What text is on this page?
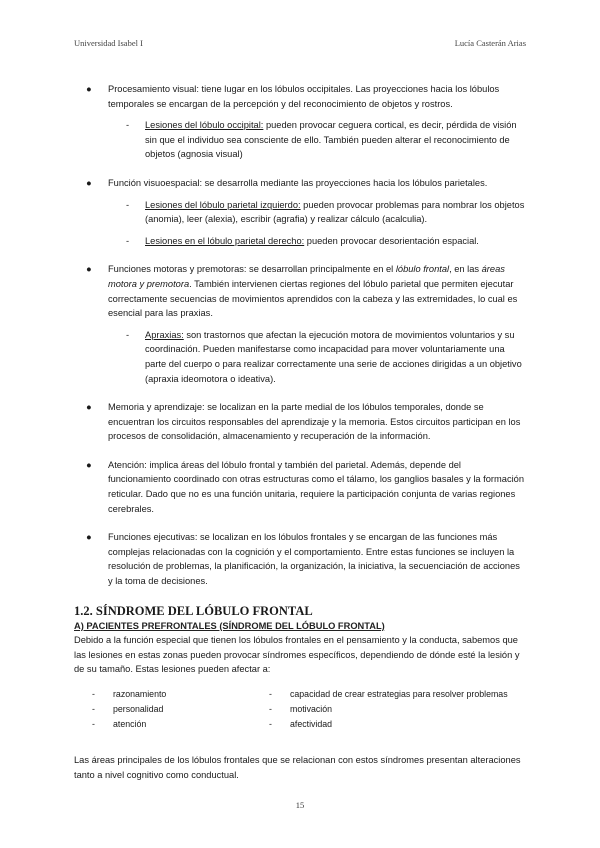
Universidad Isabel I	Lucía Casterán Arias
● Procesamiento visual: tiene lugar en los lóbulos occipitales. Las proyecciones hacia los lóbulos temporales se encargan de la percepción y del reconocimiento de objetos y rostros.
- Lesiones del lóbulo occipital: pueden provocar ceguera cortical, es decir, pérdida de visión sin que el individuo sea consciente de ello. También pueden alterar el reconocimiento de objetos (agnosia visual)
● Función visuoespacial: se desarrolla mediante las proyecciones hacia los lóbulos parietales.
- Lesiones del lóbulo parietal izquierdo: pueden provocar problemas para nombrar los objetos (anomia), leer (alexia), escribir (agrafia) y realizar cálculo (acalculia).
- Lesiones en el lóbulo parietal derecho: pueden provocar desorientación espacial.
● Funciones motoras y premotoras: se desarrollan principalmente en el lóbulo frontal, en las áreas motora y premotora. También intervienen ciertas regiones del lóbulo parietal que permiten ejecutar correctamente secuencias de movimientos aprendidos con la cabeza y las extremidades, lo cual es esencial para las praxias.
- Apraxias: son trastornos que afectan la ejecución motora de movimientos voluntarios y su coordinación. Pueden manifestarse como incapacidad para mover voluntariamente una parte del cuerpo o para realizar correctamente una serie de acciones dirigidas a un objetivo (apraxia ideomotora o ideativa).
● Memoria y aprendizaje: se localizan en la parte medial de los lóbulos temporales, donde se encuentran los circuitos responsables del aprendizaje y la memoria. Estos circuitos participan en los procesos de consolidación, almacenamiento y recuperación de la información.
● Atención: implica áreas del lóbulo frontal y también del parietal. Además, depende del funcionamiento coordinado con otras estructuras como el tálamo, los ganglios basales y la formación reticular. Dado que no es una función unitaria, requiere la participación conjunta de varias regiones cerebrales.
● Funciones ejecutivas: se localizan en los lóbulos frontales y se encargan de las funciones más complejas relacionadas con la cognición y el comportamiento. Entre estas funciones se incluyen la resolución de problemas, la planificación, la organización, la iniciativa, la secuenciación de acciones y la toma de decisiones.
1.2. SÍNDROME DEL LÓBULO FRONTAL
A) PACIENTES PREFRONTALES (SÍNDROME DEL LÓBULO FRONTAL)

Debido a la función especial que tienen los lóbulos frontales en el pensamiento y la conducta, sabemos que las lesiones en estas zonas pueden provocar síndromes específicos, dependiendo de dónde esté la lesión y de su tamaño. Estas lesiones pueden afectar a:

- razonamiento
- personalidad
- atención
- capacidad de crear estrategias para resolver problemas
- motivación
- afectividad

Las áreas principales de los lóbulos frontales que se relacionan con estos síndromes presentan alteraciones tanto a nivel cognitivo como conductual.

15
